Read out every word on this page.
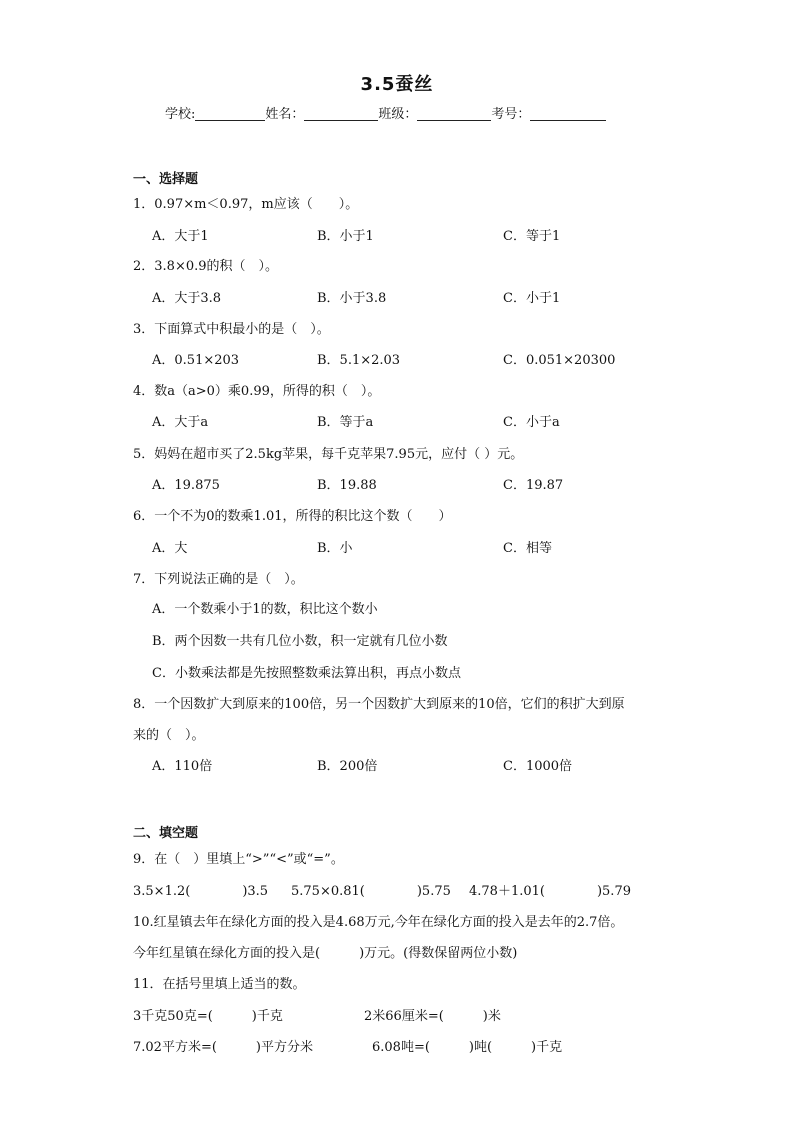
3.5蚕丝
学校:	姓名：	班级：	考号：
一、选择题
1．0.97×m＜0.97，m应该（　　）。
A．大于1	B．小于1	C．等于1
2．3.8×0.9的积（　）。
A．大于3.8	B．小于3.8	C．小于1
3．下面算式中积最小的是（　）。
A．0.51×203	B．5.1×2.03	C．0.051×20300
4．数a（a>0）乘0.99，所得的积（　）。
A．大于a	B．等于a	C．小于a
5．妈妈在超市买了2.5kg苹果，每千克苹果7.95元，应付（ ）元。
A．19.875	B．19.88	C．19.87
6．一个不为0的数乘1.01，所得的积比这个数（　　）
A．大	B．小	C．相等
7．下列说法正确的是（　）。
A．一个数乘小于1的数，积比这个数小
B．两个因数一共有几位小数，积一定就有几位小数
C．小数乘法都是先按照整数乘法算出积，再点小数点
8．一个因数扩大到原来的100倍，另一个因数扩大到原来的10倍，它们的积扩大到原
来的（　）。
A．110倍	B．200倍	C．1000倍
二、填空题
9．在（　）里填上“>”“<”或“=”。
3.5×1.2(　　　　)3.5 5.75×0.81(　　　　)5.75 4.78＋1.01(　　　　)5.79
10.红星镇去年在绿化方面的投入是4.68万元,今年在绿化方面的投入是去年的2.7倍。
今年红星镇在绿化方面的投入是(　　　)万元。(得数保留两位小数)
11．在括号里填上适当的数。
3千克50克=(　　　)千克	2米66厘米=(　　　)米
7.02平方米=(　　　)平方分米	6.08吨=(　　　)吨(　　　)千克
